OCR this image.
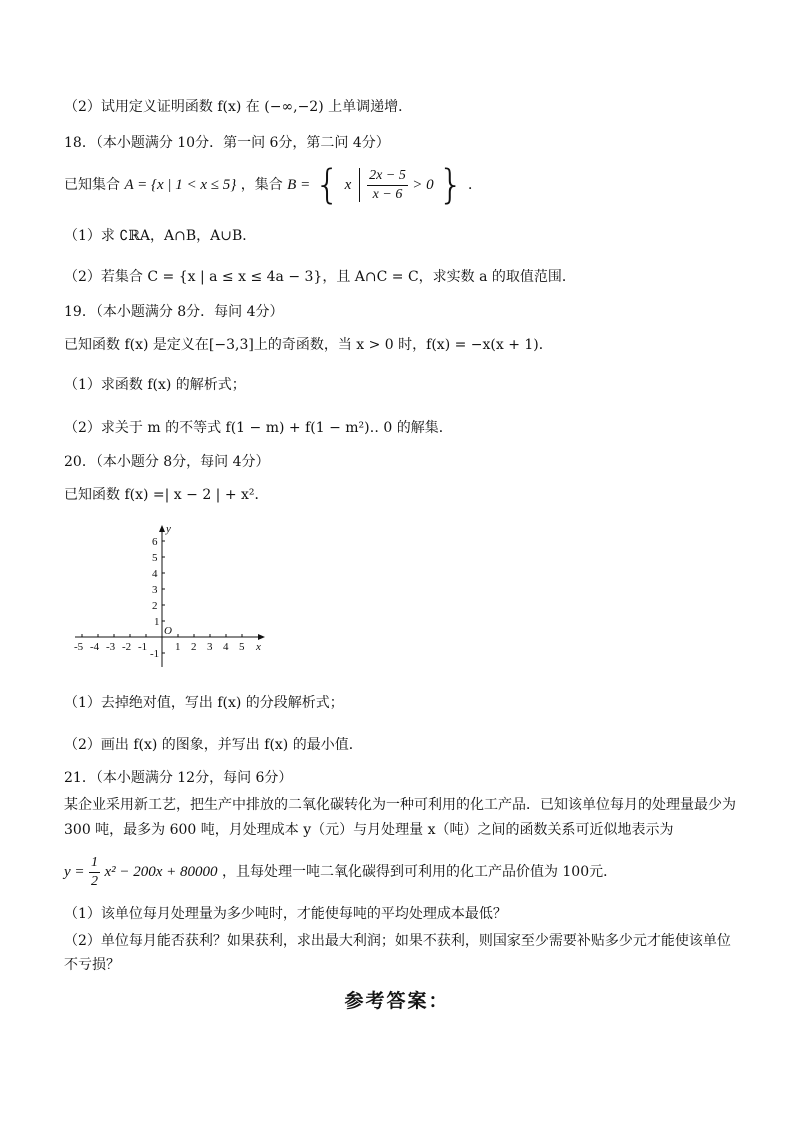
（2）试用定义证明函数 f(x) 在 (−∞,−2) 上单调递增．
18．（本小题满分 10分．第一问 6分，第二问 4分）
已知集合 A = {x | 1 < x ≤ 5} ，集合 B = { x $\frac{2x - 5}{x - 6} > 0$ } ．
（1）求 ∁ℝA，A∩B，A∪B．
（2）若集合 C = {x | a ≤ x ≤ 4a − 3}，且 A∩C = C，求实数 a 的取值范围．
19．（本小题满分 8分．每问 4分）
已知函数 f(x) 是定义在[−3,3]上的奇函数，当 x > 0 时，f(x) = −x(x + 1)．
（1）求函数 f(x) 的解析式；
（2）求关于 m 的不等式 f(1 − m) + f(1 − m²)‥ 0 的解集．
20．（本小题分 8分，每问 4分）
已知函数 f(x) =| x − 2 | + x²．
y
x
O
6
5
4
3
2
1
-1
-5 -4 -3 -2 -1	1 2 3 4 5
（1）去掉绝对值，写出 f(x) 的分段解析式；
（2）画出 f(x) 的图象，并写出 f(x) 的最小值．
21．（本小题满分 12分，每问 6分）
某企业采用新工艺，把生产中排放的二氧化碳转化为一种可利用的化工产品．已知该单位每月的处理量最少为
300 吨，最多为 600 吨，月处理成本 y（元）与月处理量 x（吨）之间的函数关系可近似地表示为
$y = \frac{1}{2} x^2 - 200x + 80000$ ，且每处理一吨二氧化碳得到可利用的化工产品价值为 100元．
（1）该单位每月处理量为多少吨时，才能使每吨的平均处理成本最低？
（2）单位每月能否获利？如果获利，求出最大利润；如果不获利，则国家至少需要补贴多少元才能使该单位
不亏损？
参考答案：
